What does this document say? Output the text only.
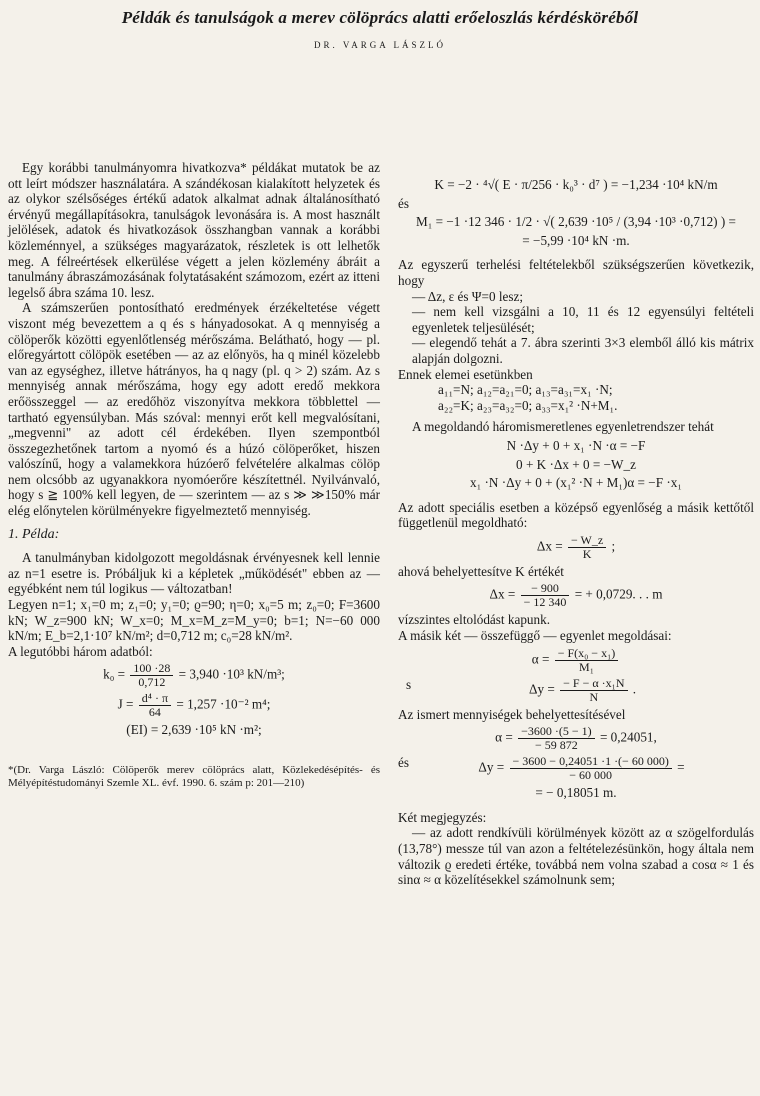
Példák és tanulságok a merev cölöprács alatti erőeloszlás kérdésköréből
DR. VARGA LÁSZLÓ

Egy korábbi tanulmányomra hivatkozva* példákat mutatok be az ott leírt módszer használatára. A szándékosan kialakított helyzetek és az olykor szélsőséges értékű adatok alkalmat adnak általánosítható érvényű megállapításokra, tanulságok levonására is. A most használt jelölések, adatok és hivatkozások összhangban vannak a korábbi közleménnyel, a szükséges magyarázatok, részletek is ott lelhetők meg. A félreértések elkerülése végett a jelen közlemény ábráit a tanulmány ábraszámozásának folytatásaként számozom, ezért az itteni legelső ábra száma 10. lesz.

A számszerűen pontosítható eredmények érzékeltetése végett viszont még bevezettem a q és s hányadosokat. A q mennyiség a cölöperők közötti egyenlőtlenség mérőszáma. Belátható, hogy — pl. előregyártott cölöpök esetében — az az előnyös, ha q minél közelebb van az egységhez, illetve hátrányos, ha q nagy (pl. q > 2) szám. Az s mennyiség annak mérőszáma, hogy egy adott eredő mekkora erőösszeggel — az eredőhöz viszonyítva mekkora többlettel — tartható egyensúlyban. Más szóval: mennyi erőt kell megvalósítani, „megvenni" az adott cél érdekében. Ilyen szempontból összegezhetőnek tartom a nyomó és a húzó cölöperőket, hiszen valószínű, hogy a valamekkora húzóerő felvételére alkalmas cölöp nem olcsóbb az ugyanakkora nyomóerőre készítettnél. Nyilvánvaló, hogy s ≧ 100% kell legyen, de — szerintem — az s ≫ ≫150% már elég előnytelen körülményekre figyelmeztető mennyiség.

1. Példa:

A tanulmányban kidolgozott megoldásnak érvényesnek kell lennie az n=1 esetre is. Próbáljuk ki a képletek „működését" ebben az — egyébként nem túl logikus — változatban!

Legyen n=1; x₁=0 m; z₁=0; y₁=0; ϱ=90; η=0; x₀=5 m; z₀=0; F=3600 kN; W_z=900 kN; W_x=0; M_x=M_z=M_y=0; b=1; N=−60 000 kN/m; E_b=2,1·10⁷ kN/m²; d=0,712 m; c₀=28 kN/m².

A legutóbbi három adatból:

$k_0 = \frac{100 \cdot 28}{0,712} = 3,940 \cdot 10^3$ kN/m³;
$J = \frac{\text{d⁴ · π}}{64} = 1,257 \cdot 10^{-2}$ m⁴;
(EI) = 2,639 ·10⁵ kN ·m²;
*(Dr. Varga László: Cölöperők merev cölöprács alatt, Közlekedésépítés- és Mélyépítéstudományi Szemle XL. évf. 1990. 6. szám p: 201—210)
K = −2 · ⁴√( E · π/256 · k₀³ · d⁷ ) = −1,234 ·10⁴ kN/m
és
M₁ = −1 ·12 346 · 1/2 · √( 2,639 ·10⁵ / (3,94 ·10³ ·0,712) ) =
= −5,99 ·10⁴ kN ·m.

Az egyszerű terhelési feltételekből szükségszerűen következik, hogy

— Δz, ε és Ψ=0 lesz;
— nem kell vizsgálni a 10, 11 és 12 egyensúlyi feltételi egyenletek teljesülését;
— elegendő tehát a 7. ábra szerinti 3×3 elemből álló kis mátrix alapján dolgozni.

Ennek elemei esetünkben

a₁₁=N; a₁₂=a₂₁=0; a₁₃=a₃₁=x₁ ·N;
a₂₂=K; a₂₃=a₃₂=0; a₃₃=x₁² ·N+M₁.

A megoldandó háromismeretlenes egyenletrendszer tehát

N ·Δy + 0 + x₁ ·N ·α = −F
0 + K ·Δx + 0 = −W_z
x₁ ·N ·Δy + 0 + (x₁² ·N + M₁)α = −F ·x₁

Az adott speciális esetben a középső egyenlőség a másik kettőtől függetlenül megoldható:

$\Delta x = \frac{- W\_z}{K}$ ;

ahová behelyettesítve K értékét

$\Delta x = \frac{- 900}{- 12 340}$ = + 0,0729. . . m

vízszintes eltolódást kapunk.

A másik két — összefüggő — egyenlet megoldásai:

$\alpha = \frac{\text{− F(x₀ − x₁)}}{\text{M₁}}$
s	$\Delta y = \frac{\text{− F − α ·x₁N}}{N}$ .

Az ismert mennyiségek behelyettesítésével

$\alpha = \frac{-3600 \cdot(5 - 1)}{- 59 872} = 0,24051$,
és	$\Delta y = \frac{- 3600 - 0,24051 \cdot 1 \cdot(- 60 000)}{- 60 000}$ =
= − 0,18051 m.

Két megjegyzés:

— az adott rendkívüli körülmények között az α szögelfordulás (13,78°) messze túl van azon a feltételezésünkön, hogy általa nem változik ϱ eredeti értéke, továbbá nem volna szabad a cosα ≈ 1 és sinα ≈ α közelítésekkel számolnunk sem;
